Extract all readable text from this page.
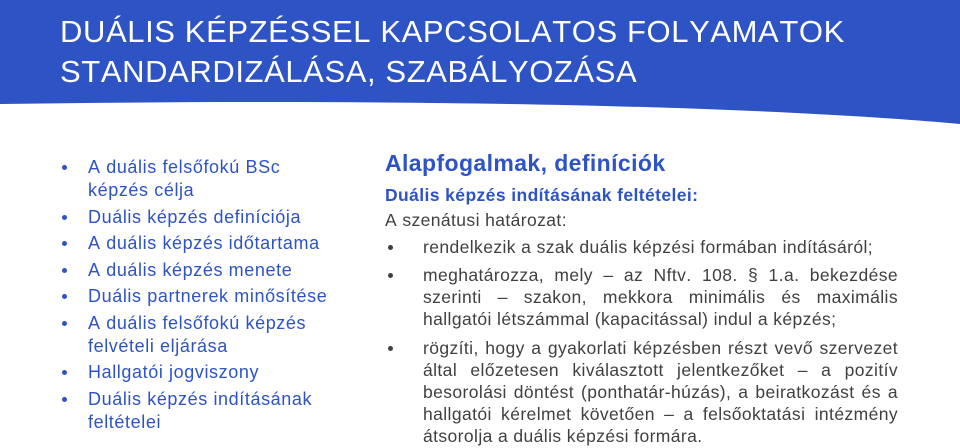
DUÁLIS KÉPZÉSSEL KAPCSOLATOS FOLYAMATOK STANDARDIZÁLÁSA, SZABÁLYOZÁSA
A duális felsőfokú BSc képzés célja
Duális képzés definíciója
A duális képzés időtartama
A duális képzés menete
Duális partnerek minősítése
A duális felsőfokú képzés felvételi eljárása
Hallgatói jogviszony
Duális képzés indításának feltételei
Alapfogalmak, definíciók
Duális képzés indításának feltételei:
A szenátusi határozat:
rendelkezik a szak duális képzési formában indításáról;
meghatározza, mely – az Nftv. 108. § 1.a. bekezdése szerinti – szakon, mekkora minimális és maximális hallgatói létszámmal (kapacitással) indul a képzés;
rögzíti, hogy a gyakorlati képzésben részt vevő szervezet által előzetesen kiválasztott jelentkezőket – a pozitív besorolási döntést (ponthatár-húzás), a beiratkozást és a hallgatói kérelmet követően – a felsőoktatási intézmény átsorolja a duális képzési formára.
